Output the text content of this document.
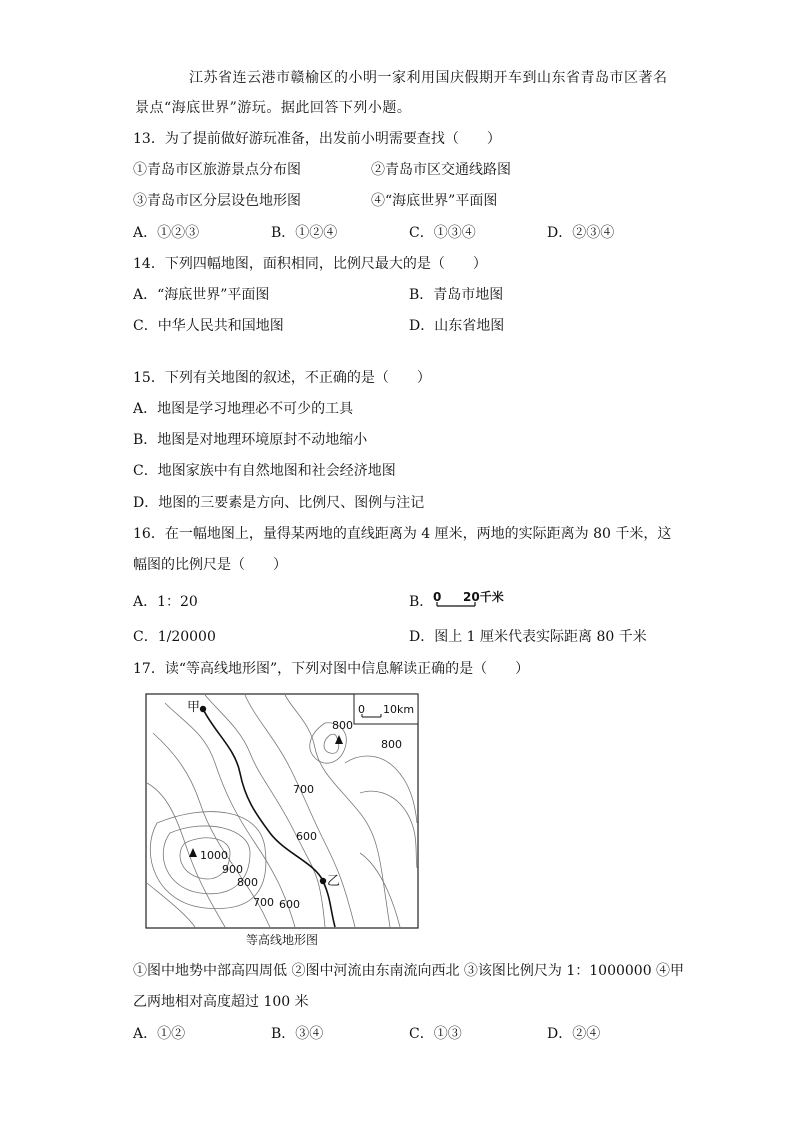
江苏省连云港市赣榆区的小明一家利用国庆假期开车到山东省青岛市区著名
景点“海底世界”游玩。据此回答下列小题。
13．为了提前做好游玩准备，出发前小明需要查找（　　）
①青岛市区旅游景点分布图	②青岛市区交通线路图
③青岛市区分层设色地形图	④“海底世界”平面图
A．①②③	B．①②④	C．①③④	D．②③④
14．下列四幅地图，面积相同，比例尺最大的是（　　）
A．“海底世界”平面图	B．青岛市地图
C．中华人民共和国地图	D．山东省地图
15．下列有关地图的叙述，不正确的是（　　）
A．地图是学习地理必不可少的工具
B．地图是对地理环境原封不动地缩小
C．地图家族中有自然地图和社会经济地图
D．地图的三要素是方向、比例尺、图例与注记
16．在一幅地图上，量得某两地的直线距离为 4 厘米，两地的实际距离为 80 千米，这
幅图的比例尺是（　　）
A．1：20	B． 0 20千米
C．1/20000	D．图上 1 厘米代表实际距离 80 千米
17．读“等高线地形图”，下列对图中信息解读正确的是（　　）
甲
乙
800
800
700
600
1000
900
800
700 600
0 10km
等高线地形图
①图中地势中部高四周低 ②图中河流由东南流向西北 ③该图比例尺为 1：1000000 ④甲
乙两地相对高度超过 100 米
A．①②	B．③④	C．①③	D．②④
